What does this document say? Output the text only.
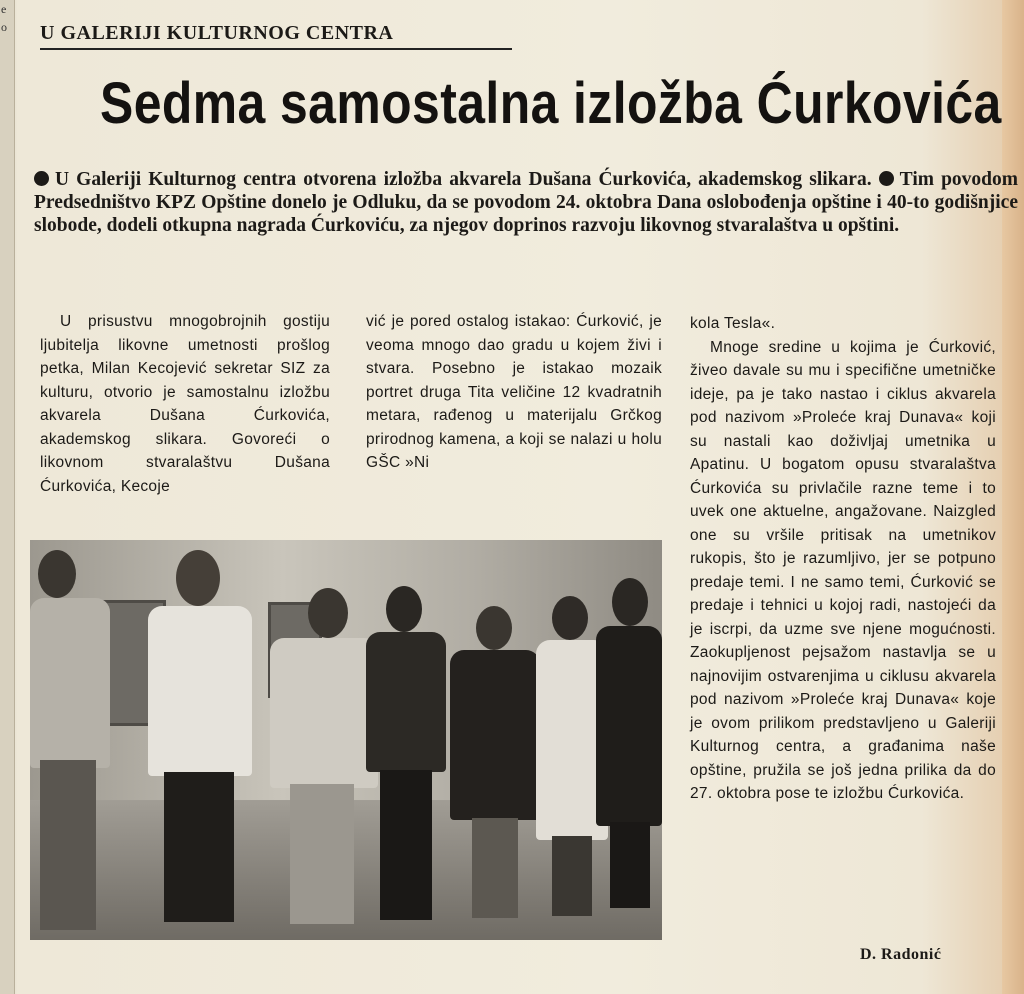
e
o U GALERIJI KULTURNOG CENTRA
Sedma samostalna izložba Ćurkovića
U Galeriji Kulturnog centra otvorena izložba akvarela Dušana Ćurkovića, akademskog slikara. Tim povodom Predsedništvo KPZ Opštine donelo je Odluku, da se povodom 24. oktobra Dana oslobođenja opštine i 40-to godišnjice slobode, dodeli otkupna nagrada Ćurkoviću, za njegov doprinos razvoju likovnog stvaralaštva u opštini.

U prisustvu mnogobrojnih gostiju ljubitelja likovne umetnosti prošlog petka, Milan Kecojević sekretar SIZ za kulturu, otvorio je samostalnu izložbu akvarela Dušana Ćurkovića, akademskog slikara. Govoreći o likovnom stvaralaštvu Dušana Ćurkovića, Kecoje

vić je pored ostalog istakao: Ćurković, je veoma mnogo dao gradu u kojem živi i stvara. Posebno je istakao mozaik portret druga Tita veličine 12 kvadratnih metara, rađenog u materijalu Grčkog prirodnog kamena, a koji se nalazi u holu GŠC »Ni

kola Tesla«.

Mnoge sredine u kojima je Ćurković, živeo davale su mu i specifične umetničke ideje, pa je tako nastao i ciklus akvarela pod nazivom »Proleće kraj Dunava« koji su nastali kao doživljaj umetnika u Apatinu. U bogatom opusu stvaralaštva Ćurkovića su privlačile razne teme i to uvek one aktuelne, angažovane. Naizgled one su vršile pritisak na umetnikov rukopis, što je razumljivo, jer se potpuno predaje temi. I ne samo temi, Ćurković se predaje i tehnici u kojoj radi, nastojeći da je iscrpi, da uzme sve njene mogućnosti. Zaokupljenost pejsažom nastavlja se u najnovijim ostvarenjima u ciklusu akvarela pod nazivom »Proleće kraj Dunava« koje je ovom prilikom predstavljeno u Galeriji Kulturnog centra, a građanima naše opštine, pružila se još jedna prilika da do 27. oktobra pose te izložbu Ćurkovića.

D. Radonić
